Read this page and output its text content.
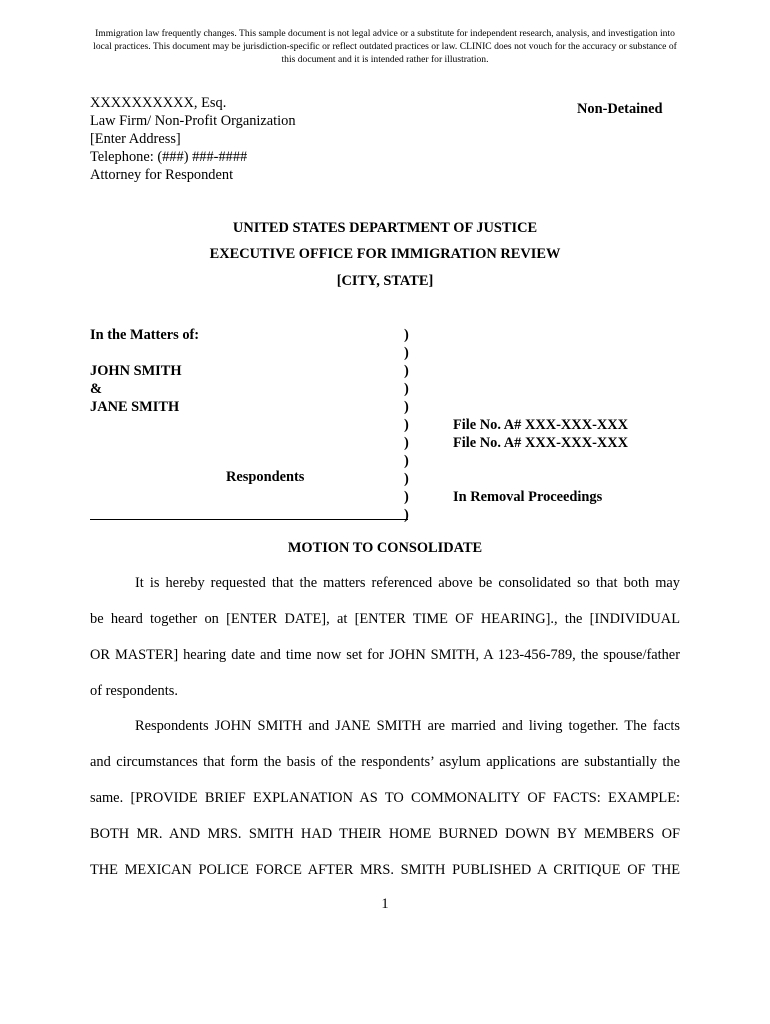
Immigration law frequently changes. This sample document is not legal advice or a substitute for independent research, analysis, and investigation into local practices. This document may be jurisdiction-specific or reflect outdated practices or law. CLINIC does not vouch for the accuracy or substance of this document and it is intended rather for illustration.
XXXXXXXXXX, Esq.
Law Firm/ Non-Profit Organization
[Enter Address]
Telephone: (###) ###-####
Attorney for Respondent
Non-Detained
UNITED STATES DEPARTMENT OF JUSTICE
EXECUTIVE OFFICE FOR IMMIGRATION REVIEW
[CITY, STATE]
In the Matters of:
JOHN SMITH
&
JANE SMITH
Respondents
)
)
)
)
)
)
)
)
)
)
)
File No. A# XXX-XXX-XXX
File No. A# XXX-XXX-XXX
In Removal Proceedings
MOTION TO CONSOLIDATE
It is hereby requested that the matters referenced above be consolidated so that both may
be heard together on [ENTER DATE], at [ENTER TIME OF HEARING]., the [INDIVIDUAL
OR MASTER] hearing date and time now set for JOHN SMITH, A 123-456-789, the spouse/father
of respondents.
Respondents JOHN SMITH and JANE SMITH are married and living together. The facts
and circumstances that form the basis of the respondents’ asylum applications are substantially the
same. [PROVIDE BRIEF EXPLANATION AS TO COMMONALITY OF FACTS: EXAMPLE:
BOTH MR. AND MRS. SMITH HAD THEIR HOME BURNED DOWN BY MEMBERS OF
THE MEXICAN POLICE FORCE AFTER MRS. SMITH PUBLISHED A CRITIQUE OF THE
1
